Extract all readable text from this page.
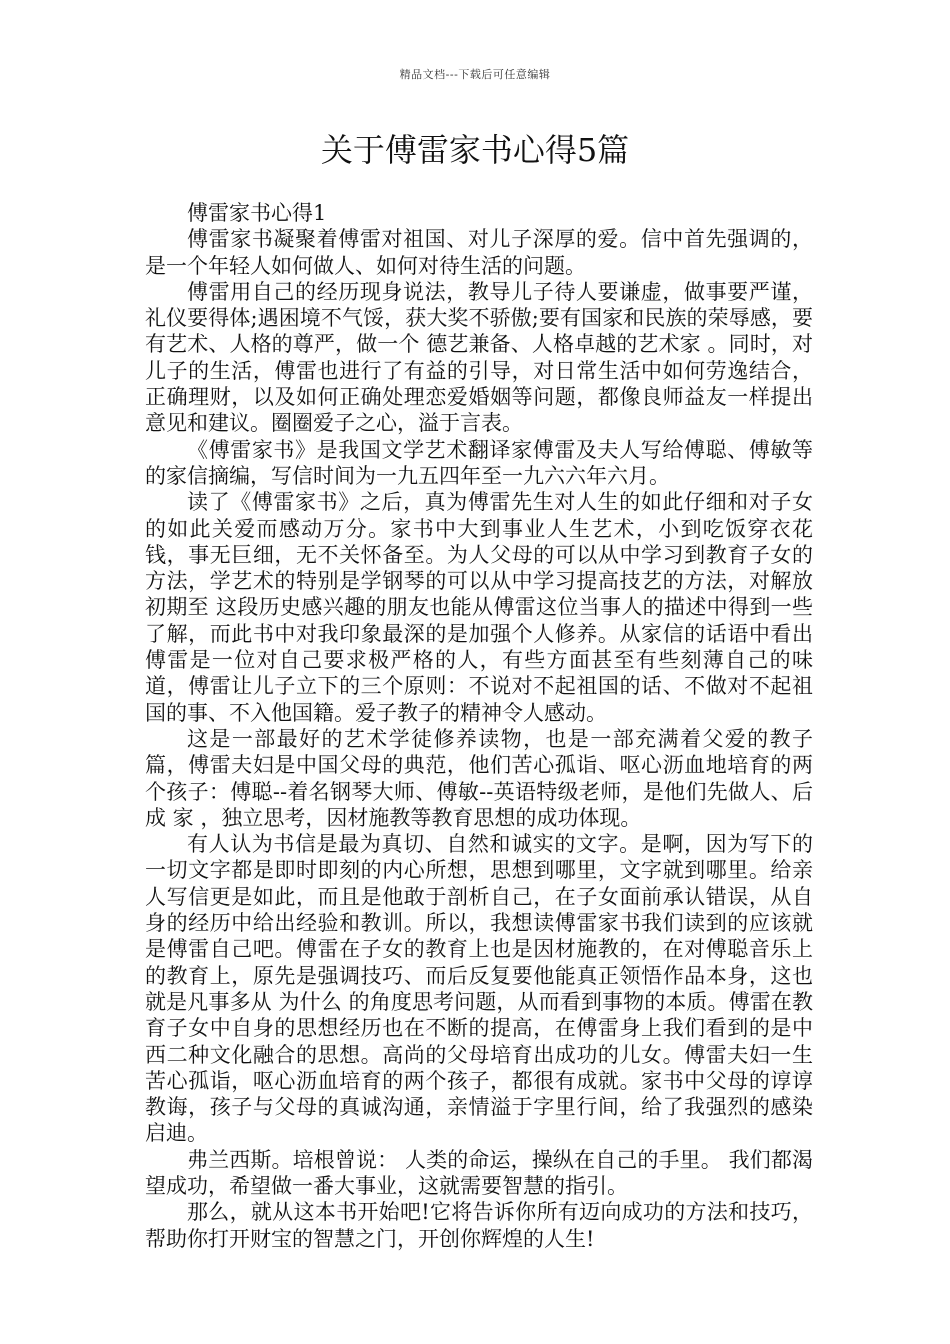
精品文档---下载后可任意编辑
关于傅雷家书心得5篇

傅雷家书心得1

傅雷家书凝聚着傅雷对祖国、对儿子深厚的爱。信中首先强调的，是一个年轻人如何做人、如何对待生活的问题。

傅雷用自己的经历现身说法，教导儿子待人要谦虚，做事要严谨，礼仪要得体;遇困境不气馁，获大奖不骄傲;要有国家和民族的荣辱感，要有艺术、人格的尊严，做一个 德艺兼备、人格卓越的艺术家 。同时，对儿子的生活，傅雷也进行了有益的引导，对日常生活中如何劳逸结合，正确理财，以及如何正确处理恋爱婚姻等问题，都像良师益友一样提出意见和建议。圈圈爱子之心，溢于言表。

《傅雷家书》是我国文学艺术翻译家傅雷及夫人写给傅聪、傅敏等的家信摘编，写信时间为一九五四年至一九六六年六月。

读了《傅雷家书》之后，真为傅雷先生对人生的如此仔细和对子女的如此关爱而感动万分。家书中大到事业人生艺术，小到吃饭穿衣花钱，事无巨细，无不关怀备至。为人父母的可以从中学习到教育子女的方法，学艺术的特别是学钢琴的可以从中学习提高技艺的方法，对解放初期至 这段历史感兴趣的朋友也能从傅雷这位当事人的描述中得到一些了解，而此书中对我印象最深的是加强个人修养。从家信的话语中看出傅雷是一位对自己要求极严格的人，有些方面甚至有些刻薄自己的味道，傅雷让儿子立下的三个原则：不说对不起祖国的话、不做对不起祖国的事、不入他国籍。爱子教子的精神令人感动。

这是一部最好的艺术学徒修养读物，也是一部充满着父爱的教子篇，傅雷夫妇是中国父母的典范，他们苦心孤诣、呕心沥血地培育的两个孩子：傅聪--着名钢琴大师、傅敏--英语特级老师，是他们先做人、后成 家 ，独立思考，因材施教等教育思想的成功体现。

有人认为书信是最为真切、自然和诚实的文字。是啊，因为写下的一切文字都是即时即刻的内心所想，思想到哪里，文字就到哪里。给亲人写信更是如此，而且是他敢于剖析自己，在子女面前承认错误，从自身的经历中给出经验和教训。所以，我想读傅雷家书我们读到的应该就是傅雷自己吧。傅雷在子女的教育上也是因材施教的，在对傅聪音乐上的教育上，原先是强调技巧、而后反复要他能真正领悟作品本身，这也就是凡事多从 为什么 的角度思考问题，从而看到事物的本质。傅雷在教育子女中自身的思想经历也在不断的提高，在傅雷身上我们看到的是中西二种文化融合的思想。高尚的父母培育出成功的儿女。傅雷夫妇一生苦心孤诣，呕心沥血培育的两个孩子，都很有成就。家书中父母的谆谆教诲，孩子与父母的真诚沟通，亲情溢于字里行间，给了我强烈的感染启迪。

弗兰西斯。培根曾说： 人类的命运，操纵在自己的手里。 我们都渴望成功，希望做一番大事业，这就需要智慧的指引。

那么，就从这本书开始吧!它将告诉你所有迈向成功的方法和技巧，帮助你打开财宝的智慧之门，开创你辉煌的人生!
